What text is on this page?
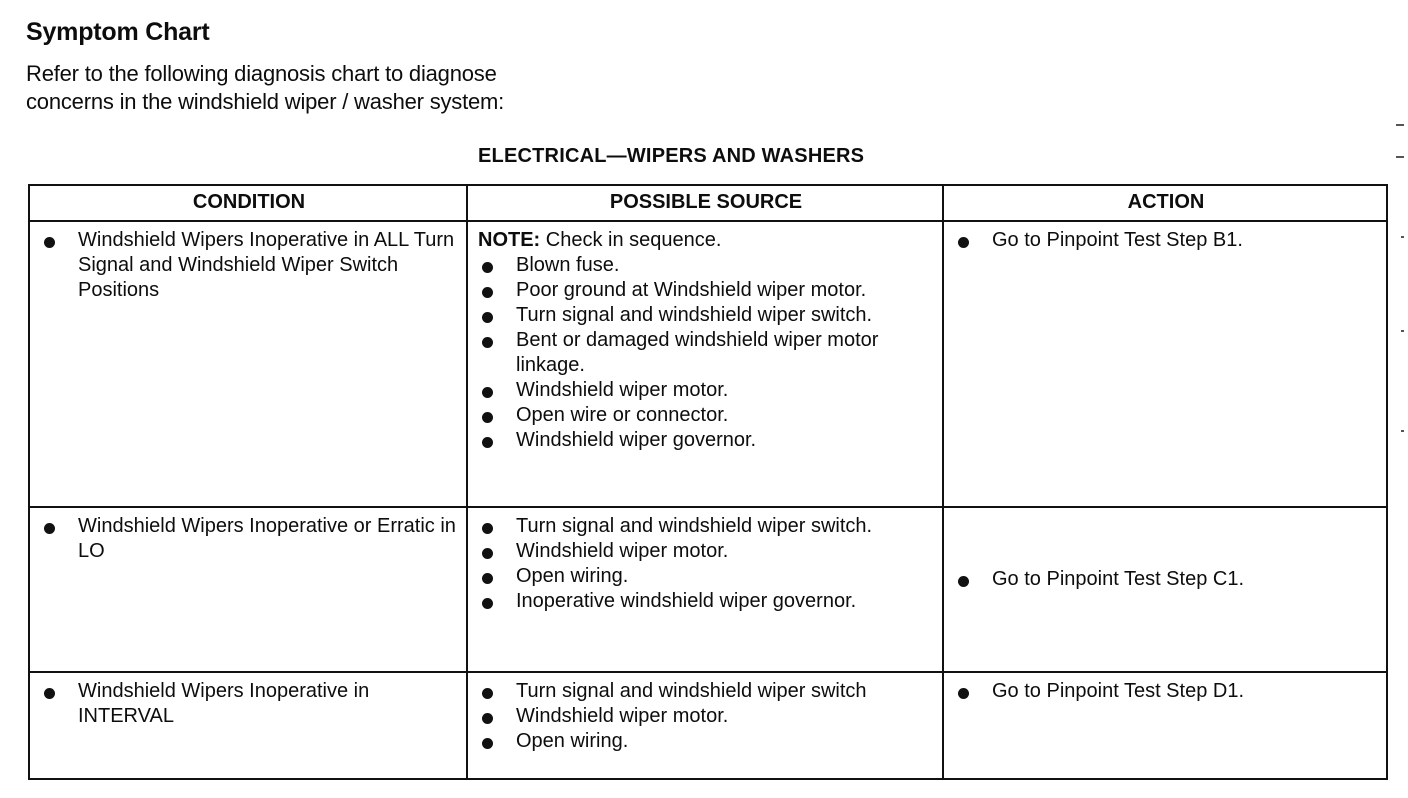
Symptom Chart

Refer to the following diagnosis chart to diagnose
concerns in the windshield wiper / washer system:

ELECTRICAL—WIPERS AND WASHERS
CONDITION	POSSIBLE SOURCE	ACTION
Windshield Wipers Inoperative in ALL Turn Signal and Windshield Wiper Switch Positions

NOTE: Check in sequence.

Blown fuse.
Poor ground at Windshield wiper motor.
Turn signal and windshield wiper switch.
Bent or damaged windshield wiper motor linkage.
Windshield wiper motor.
Open wire or connector.
Windshield wiper governor.
Go to Pinpoint Test Step B1.
Windshield Wipers Inoperative or Erratic in LO
Turn signal and windshield wiper switch.
Windshield wiper motor.
Open wiring.
Inoperative windshield wiper governor.
Go to Pinpoint Test Step C1.
Windshield Wipers Inoperative in INTERVAL
Turn signal and windshield wiper switch
Windshield wiper motor.
Open wiring.
Go to Pinpoint Test Step D1.
